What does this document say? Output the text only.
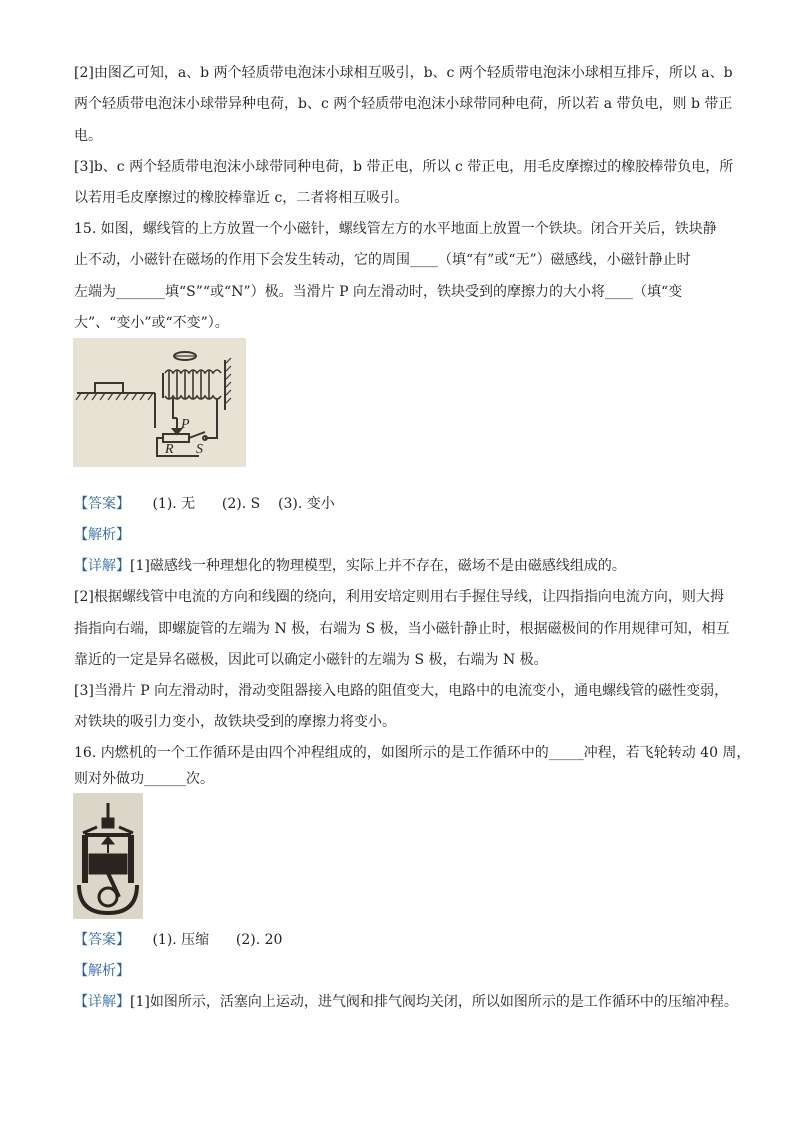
[2]由图乙可知，a、b 两个轻质带电泡沫小球相互吸引，b、c 两个轻质带电泡沫小球相互排斥，所以 a、b
两个轻质带电泡沫小球带异种电荷，b、c 两个轻质带电泡沫小球带同种电荷，所以若 a 带负电，则 b 带正
电。
[3]b、c 两个轻质带电泡沫小球带同种电荷，b 带正电，所以 c 带正电，用毛皮摩擦过的橡胶棒带负电，所
以若用毛皮摩擦过的橡胶棒靠近 c，二者将相互吸引。
15. 如图，螺线管的上方放置一个小磁针，螺线管左方的水平地面上放置一个铁块。闭合开关后，铁块静
止不动，小磁针在磁场的作用下会发生转动，它的周围____（填“有”或“无”）磁感线，小磁针静止时
左端为_______填“S”“或“N”）极。当滑片 P 向左滑动时，铁块受到的摩擦力的大小将____（填“变
大”、“变小”或“不变”）。
P
R S
【答案】 (1). 无      (2). S    (3). 变小
【解析】
【详解】[1]磁感线一种理想化的物理模型，实际上并不存在，磁场不是由磁感线组成的。
[2]根据螺线管中电流的方向和线圈的绕向，利用安培定则用右手握住导线，让四指指向电流方向，则大拇
指指向右端，即螺旋管的左端为 N 极，右端为 S 极，当小磁针静止时，根据磁极间的作用规律可知，相互
靠近的一定是异名磁极，因此可以确定小磁针的左端为 S 极，右端为 N 极。
[3]当滑片 P 向左滑动时，滑动变阻器接入电路的阻值变大，电路中的电流变小，通电螺线管的磁性变弱，
对铁块的吸引力变小，故铁块受到的摩擦力将变小。
16. 内燃机的一个工作循环是由四个冲程组成的，如图所示的是工作循环中的_____冲程，若飞轮转动 40 周，
则对外做功______次。
【答案】 (1). 压缩      (2). 20
【解析】
【详解】[1]如图所示，活塞向上运动，进气阀和排气阀均关闭，所以如图所示的是工作循环中的压缩冲程。
